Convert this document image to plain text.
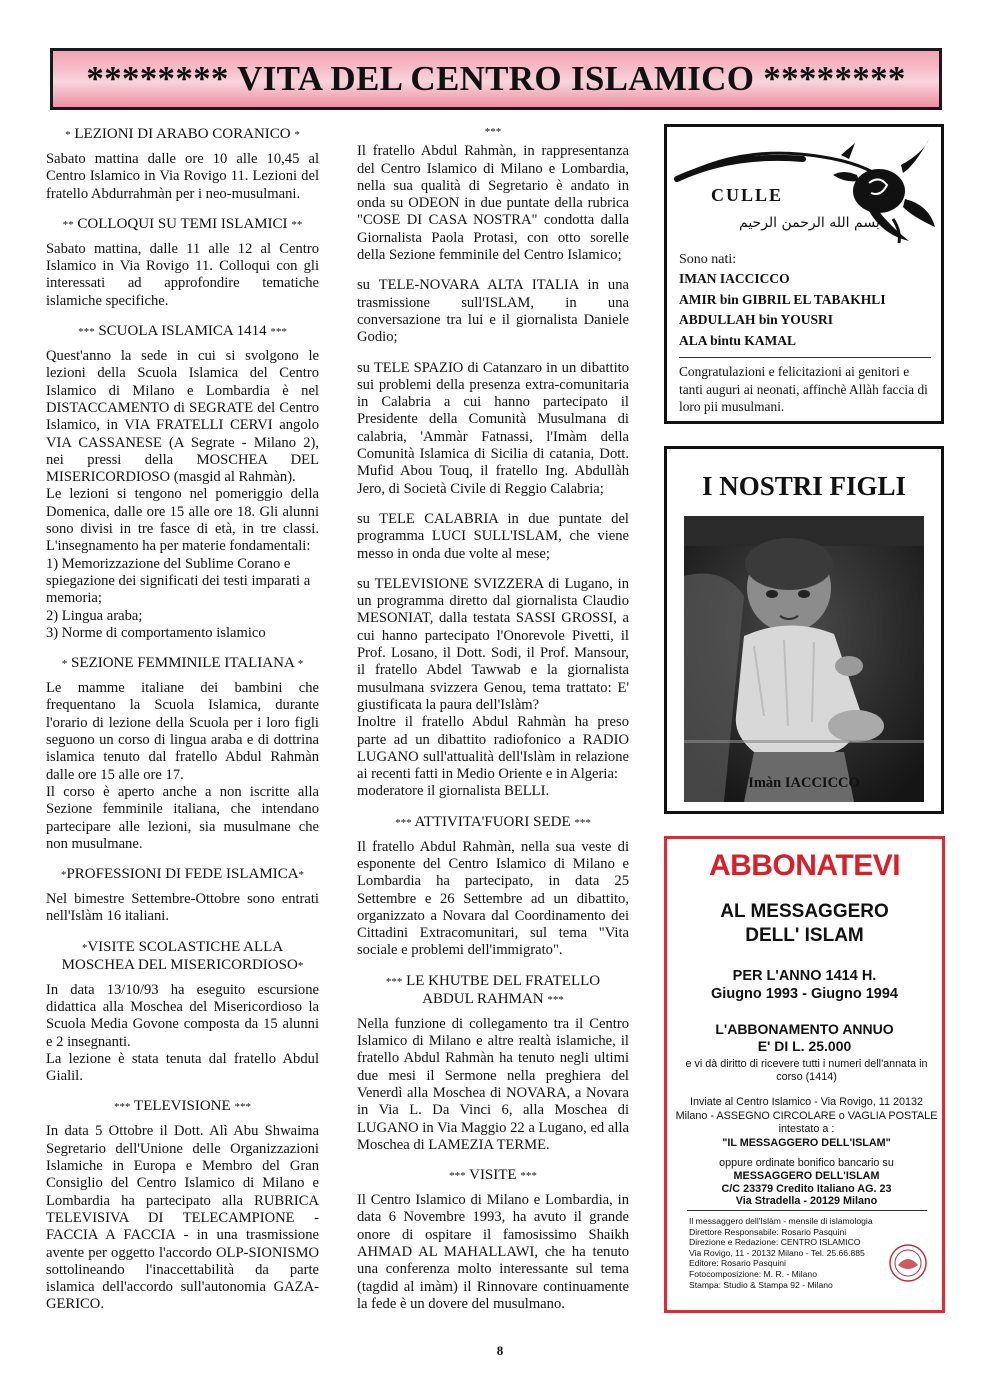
******** VITA DEL CENTRO ISLAMICO ********
* LEZIONI DI ARABO CORANICO *

Sabato mattina dalle ore 10 alle 10,45 al Centro Islamico in Via Rovigo 11. Lezioni del fratello Abdurrahmàn per i neo-musulmani.

** COLLOQUI SU TEMI ISLAMICI **

Sabato mattina, dalle 11 alle 12 al Centro Islamico in Via Rovigo 11. Colloqui con gli interessati ad approfondire tematiche islamiche specifiche.

*** SCUOLA ISLAMICA 1414 ***

Quest'anno la sede in cui si svolgono le lezioni della Scuola Islamica del Centro Islamico di Milano e Lombardia è nel DISTACCAMENTO di SEGRATE del Centro Islamico, in VIA FRATELLI CERVI angolo VIA CASSANESE (A Segrate - Milano 2), nei pressi della MOSCHEA DEL MISERICORDIOSO (masgid al Rahmàn).

Le lezioni si tengono nel pomeriggio della Domenica, dalle ore 15 alle ore 18. Gli alunni sono divisi in tre fasce di età, in tre classi. L'insegnamento ha per materie fondamentali:

1) Memorizzazione del Sublime Corano e spiegazione dei significati dei testi imparati a memoria;
2) Lingua araba;
3) Norme di comportamento islamico
* SEZIONE FEMMINILE ITALIANA *

Le mamme italiane dei bambini che frequentano la Scuola Islamica, durante l'orario di lezione della Scuola per i loro figli seguono un corso di lingua araba e di dottrina islamica tenuto dal fratello Abdul Rahmàn dalle ore 15 alle ore 17.

Il corso è aperto anche a non iscritte alla Sezione femminile italiana, che intendano partecipare alle lezioni, sia musulmane che non musulmane.

*PROFESSIONI DI FEDE ISLAMICA*

Nel bimestre Settembre-Ottobre sono entrati nell'Islàm 16 italiani.

*VISITE SCOLASTICHE ALLA
MOSCHEA DEL MISERICORDIOSO*

In data 13/10/93 ha eseguito escursione didattica alla Moschea del Misericordioso la Scuola Media Govone composta da 15 alunni e 2 insegnanti.

La lezione è stata tenuta dal fratello Abdul Gialil.

*** TELEVISIONE ***

In data 5 Ottobre il Dott. Alì Abu Shwaima Segretario dell'Unione delle Organizzazioni Islamiche in Europa e Membro del Gran Consiglio del Centro Islamico di Milano e Lombardia ha partecipato alla RUBRICA TELEVISIVA DI TELECAMPIONE - FACCIA A FACCIA - in una trasmissione avente per oggetto l'accordo OLP-SIONISMO sottolineando l'inaccettabilità da parte islamica dell'accordo sull'autonomia GAZA-GERICO.

***

Il fratello Abdul Rahmàn, in rappresentanza del Centro Islamico di Milano e Lombardia, nella sua qualità di Segretario è andato in onda su ODEON in due puntate della rubrica "COSE DI CASA NOSTRA" condotta dalla Giornalista Paola Protasi, con otto sorelle della Sezione femminile del Centro Islamico;

su TELE-NOVARA ALTA ITALIA in una trasmissione sull'ISLAM, in una conversazione tra lui e il giornalista Daniele Godio;

su TELE SPAZIO di Catanzaro in un dibattito sui problemi della presenza extra-comunitaria in Calabria a cui hanno partecipato il Presidente della Comunità Musulmana di calabria, 'Ammàr Fatnassi, l'Imàm della Comunità Islamica di Sicilia di catania, Dott. Mufid Abou Touq, il fratello Ing. Abdullàh Jero, di Società Civile di Reggio Calabria;

su TELE CALABRIA in due puntate del programma LUCI SULL'ISLAM, che viene messo in onda due volte al mese;

su TELEVISIONE SVIZZERA di Lugano, in un programma diretto dal giornalista Claudio MESONIAT, dalla testata SASSI GROSSI, a cui hanno partecipato l'Onorevole Pivetti, il Prof. Losano, il Dott. Sodi, il Prof. Mansour, il fratello Abdel Tawwab e la giornalista musulmana svizzera Genou, tema trattato: E' giustificata la paura dell'Islàm?

Inoltre il fratello Abdul Rahmàn ha preso parte ad un dibattito radiofonico a RADIO LUGANO sull'attualità dell'Islàm in relazione ai recenti fatti in Medio Oriente e in Algeria:

moderatore il giornalista BELLI.

*** ATTIVITA'FUORI SEDE ***

Il fratello Abdul Rahmàn, nella sua veste di esponente del Centro Islamico di Milano e Lombardia ha partecipato, in data 25 Settembre e 26 Settembre ad un dibattito, organizzato a Novara dal Coordinamento dei Cittadini Extracomunitari, sul tema "Vita sociale e problemi dell'immigrato".

*** LE KHUTBE DEL FRATELLO
ABDUL RAHMAN ***

Nella funzione di collegamento tra il Centro Islamico di Milano e altre realtà islamiche, il fratello Abdul Rahmàn ha tenuto negli ultimi due mesi il Sermone nella preghiera del Venerdì alla Moschea di NOVARA, a Novara in Via L. Da Vinci 6, alla Moschea di LUGANO in Via Maggio 22 a Lugano, ed alla Moschea di LAMEZIA TERME.

*** VISITE ***

Il Centro Islamico di Milano e Lombardia, in data 6 Novembre 1993, ha avuto il grande onore di ospitare il famosissimo Shaikh AHMAD AL MAHALLAWI, che ha tenuto una conferenza molto interessante sul tema (tagdid al imàm) il Rinnovare continuamente la fede è un dovere del musulmano.

CULLE
بسم الله الرحمن الرحيم
Sono nati:
IMAN IACCICCO
AMIR bin GIBRIL EL TABAKHLI
ABDULLAH bin YOUSRI
ALA bintu KAMAL
Congratulazioni e felicitazioni ai genitori e tanti auguri ai neonati, affinchè Allàh faccia di loro pii musulmani.
I NOSTRI FIGLI
Imàn IACCICCO
ABBONATEVI
AL MESSAGGERO
DELL' ISLAM
PER L'ANNO 1414 H.
Giugno 1993 - Giugno 1994
L'ABBONAMENTO ANNUO
E' DI L. 25.000
e vi dà diritto di ricevere tutti i numeri dell'annata in corso (1414)
Inviate al Centro Islamico - Via Rovigo, 11 20132 Milano - ASSEGNO CIRCOLARE o VAGLIA POSTALE intestato a :
"IL MESSAGGERO DELL'ISLAM"
oppure ordinate bonifico bancario su
MESSAGGERO DELL'ISLAM
C/C 23379 Credito Italiano AG. 23
Via Stradella - 20129 Milano
Il messaggero dell'Islàm - mensile di islamologia
Direttore Responsabile: Rosario Pasquini
Direzione e Redazione: CENTRO ISLAMICO
Via Rovigo, 11 - 20132 Milano - Tel. 25.66.885
Editore: Rosario Pasquini
Fotocomposizione: M. R. - Milano
Stampa: Studio & Stampa 92 - Milano
8
